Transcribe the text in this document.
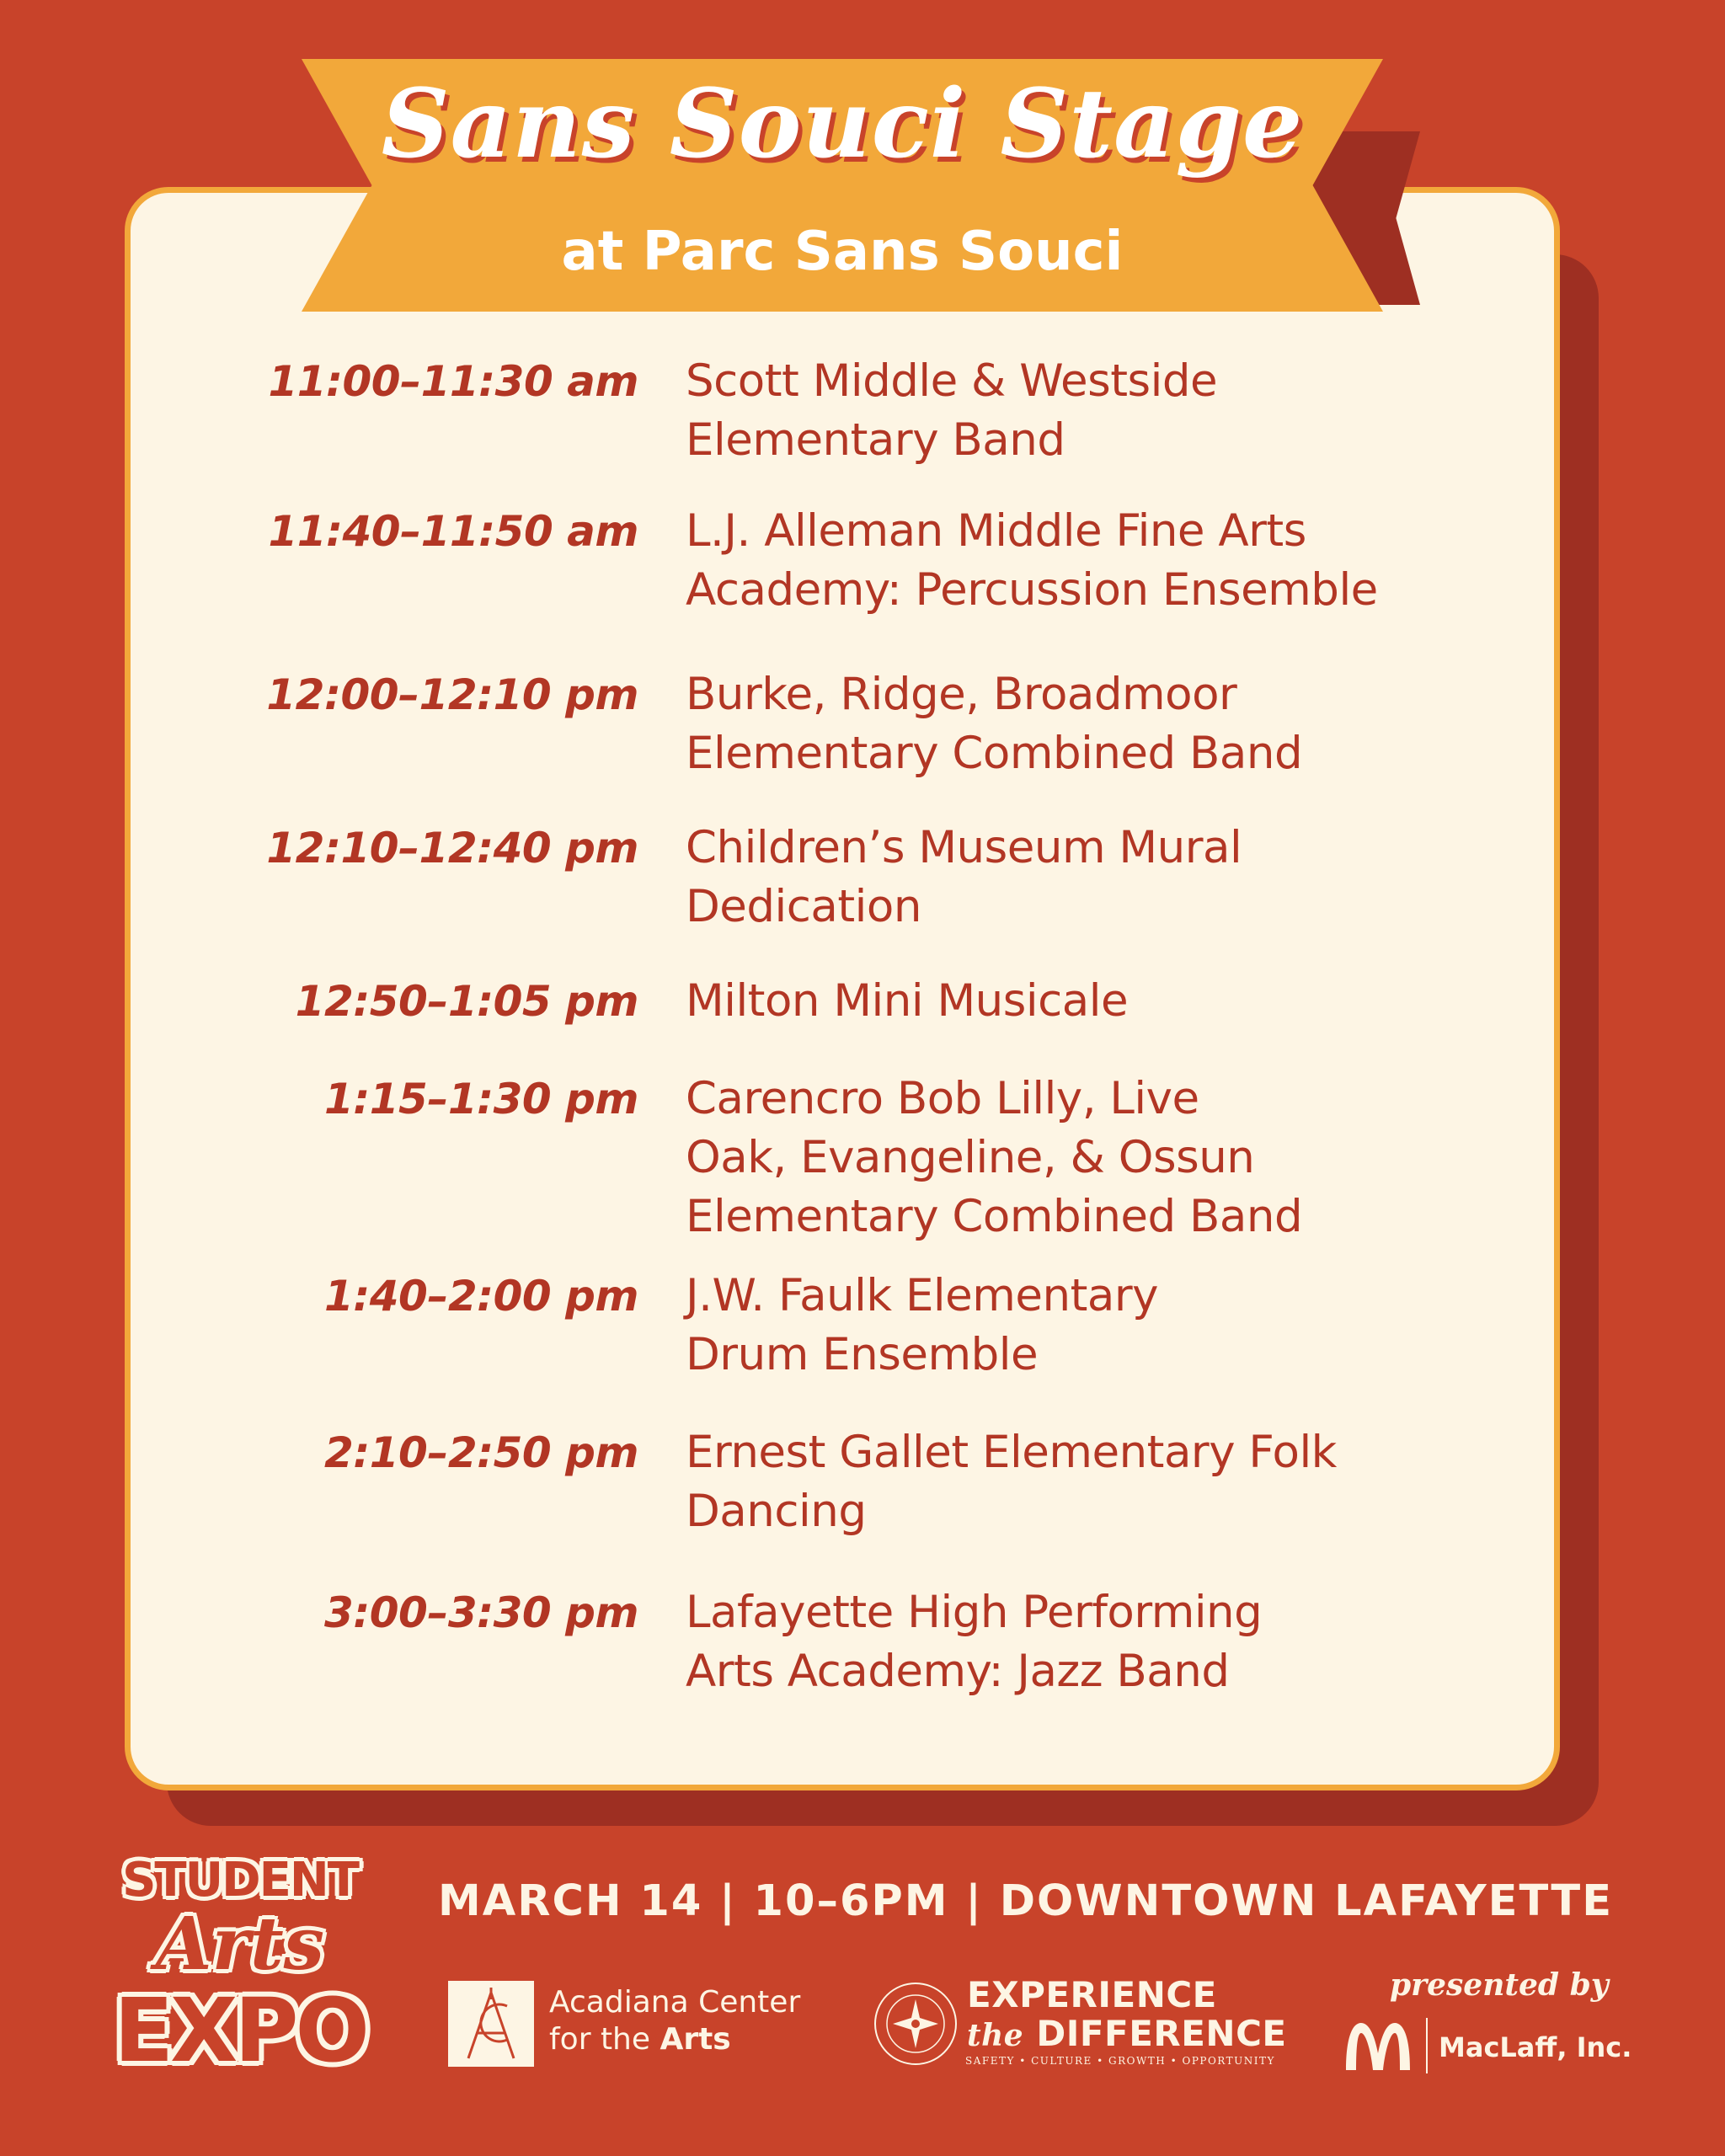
Sans Souci Stage
at Parc Sans Souci
11:00–11:30 am Scott Middle & Westside
Elementary Band
11:40–11:50 am L.J. Alleman Middle Fine Arts
Academy: Percussion Ensemble
12:00–12:10 pm Burke, Ridge, Broadmoor
Elementary Combined Band
12:10–12:40 pm Children’s Museum Mural
Dedication
12:50–1:05 pm Milton Mini Musicale
1:15–1:30 pm Carencro Bob Lilly, Live
Oak, Evangeline, & Ossun
Elementary Combined Band
1:40–2:00 pm J.W. Faulk Elementary
Drum Ensemble
2:10–2:50 pm Ernest Gallet Elementary Folk
Dancing
3:00–3:30 pm Lafayette High Performing
Arts Academy: Jazz Band
STUDENT
Arts
EXPO
MARCH 14 | 10–6PM | DOWNTOWN LAFAYETTE
Acadiana Center
for the Arts
EXPERIENCE
the DIFFERENCE
SAFETY • CULTURE • GROWTH • OPPORTUNITY
presented by
MacLaff, Inc.
